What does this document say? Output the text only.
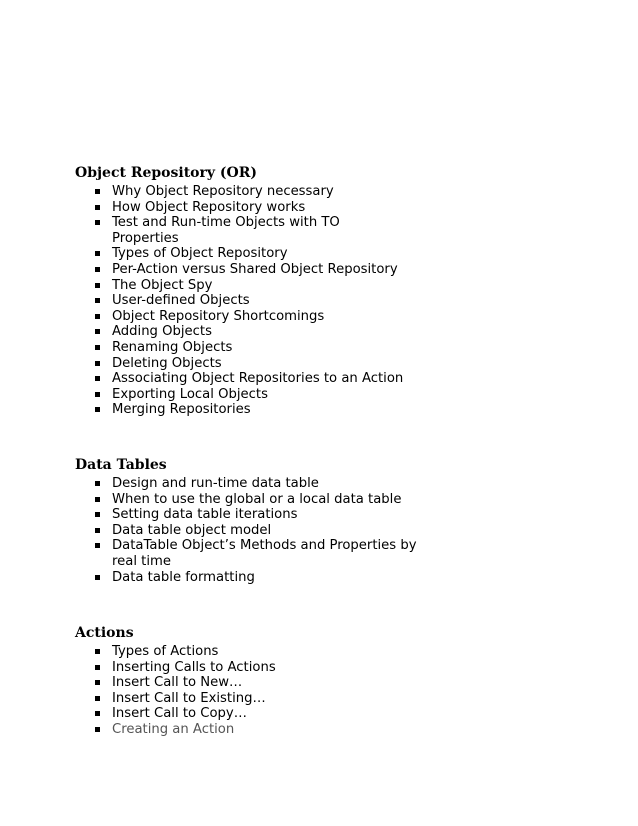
Object Repository (OR)
Why Object Repository necessary
How Object Repository works
Test and Run-time Objects with TO Properties
Types of Object Repository
Per-Action versus Shared Object Repository
The Object Spy
User-defined Objects
Object Repository Shortcomings
Adding Objects
Renaming Objects
Deleting Objects
Associating Object Repositories to an Action
Exporting Local Objects
Merging Repositories
Data Tables
Design and run-time data table
When to use the global or a local data table
Setting data table iterations
Data table object model
DataTable Object’s Methods and Properties by real time
Data table formatting
Actions
Types of Actions
Inserting Calls to Actions
Insert Call to New…
Insert Call to Existing…
Insert Call to Copy…
Creating an Action
